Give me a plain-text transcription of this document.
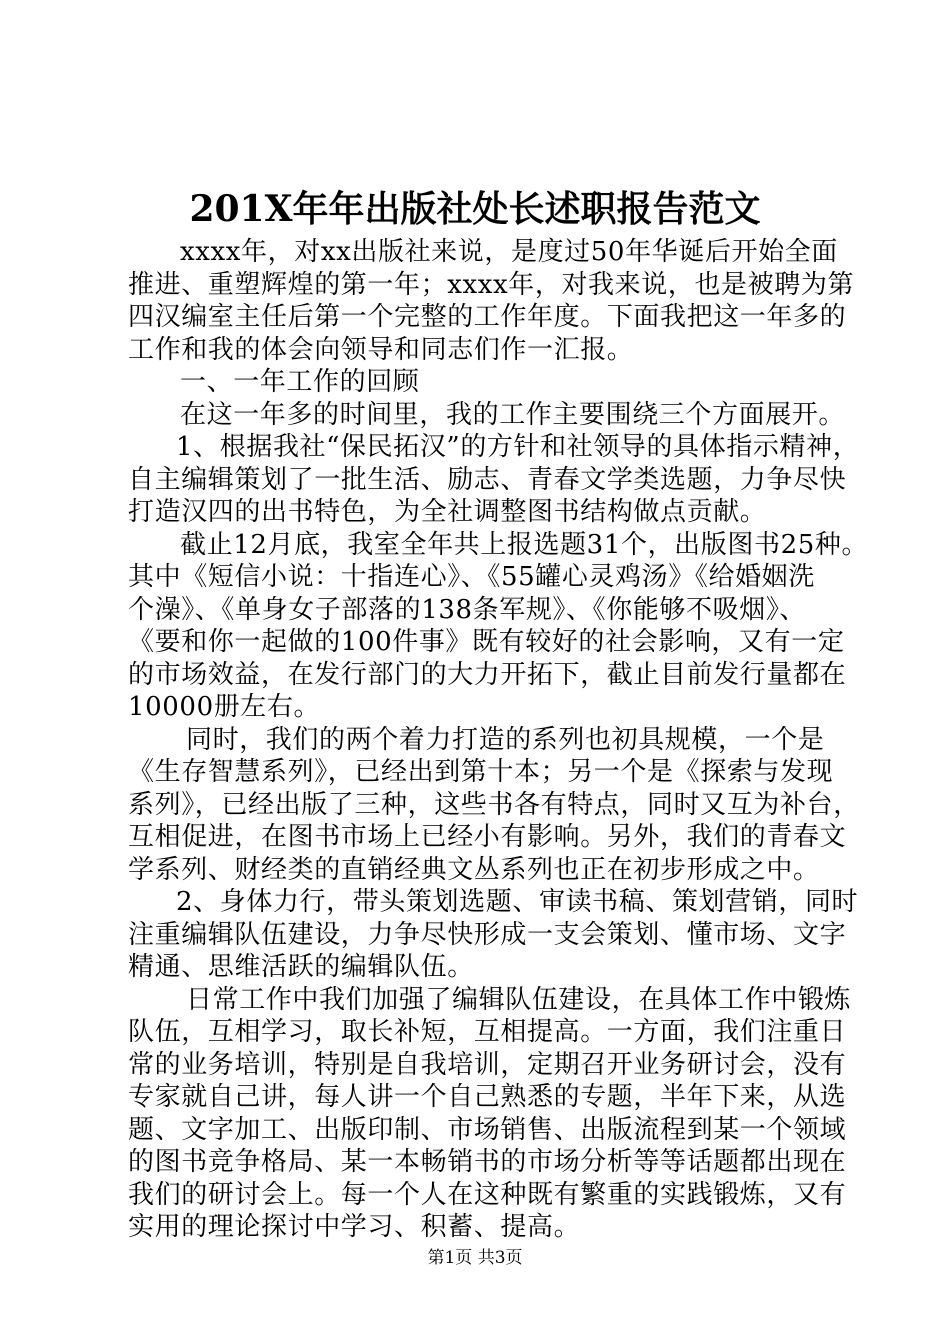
201X年年出版社处长述职报告范文
xxxx年，对xx出版社来说，是度过50年华诞后开始全面
推进、重塑辉煌的第一年；xxxx年，对我来说，也是被聘为第
四汉编室主任后第一个完整的工作年度。下面我把这一年多的
工作和我的体会向领导和同志们作一汇报。
一、一年工作的回顾
在这一年多的时间里，我的工作主要围绕三个方面展开。
1、根据我社“保民拓汉”的方针和社领导的具体指示精神，
自主编辑策划了一批生活、励志、青春文学类选题，力争尽快
打造汉四的出书特色，为全社调整图书结构做点贡献。
截止12月底，我室全年共上报选题31个，出版图书25种。
其中《短信小说：十指连心》、《55罐心灵鸡汤》《给婚姻洗
个澡》、《单身女子部落的138条军规》、《你能够不吸烟》、
《要和你一起做的100件事》既有较好的社会影响，又有一定
的市场效益，在发行部门的大力开拓下，截止目前发行量都在
10000册左右。
同时，我们的两个着力打造的系列也初具规模，一个是
《生存智慧系列》，已经出到第十本；另一个是《探索与发现
系列》，已经出版了三种，这些书各有特点，同时又互为补台，
互相促进，在图书市场上已经小有影响。另外，我们的青春文
学系列、财经类的直销经典文丛系列也正在初步形成之中。
2、身体力行，带头策划选题、审读书稿、策划营销，同时
注重编辑队伍建设，力争尽快形成一支会策划、懂市场、文字
精通、思维活跃的编辑队伍。
日常工作中我们加强了编辑队伍建设，在具体工作中锻炼
队伍，互相学习，取长补短，互相提高。一方面，我们注重日
常的业务培训，特别是自我培训，定期召开业务研讨会，没有
专家就自己讲，每人讲一个自己熟悉的专题，半年下来，从选
题、文字加工、出版印制、市场销售、出版流程到某一个领域
的图书竞争格局、某一本畅销书的市场分析等等话题都出现在
我们的研讨会上。每一个人在这种既有繁重的实践锻炼，又有
实用的理论探讨中学习、积蓄、提高。
第1页 共3页
